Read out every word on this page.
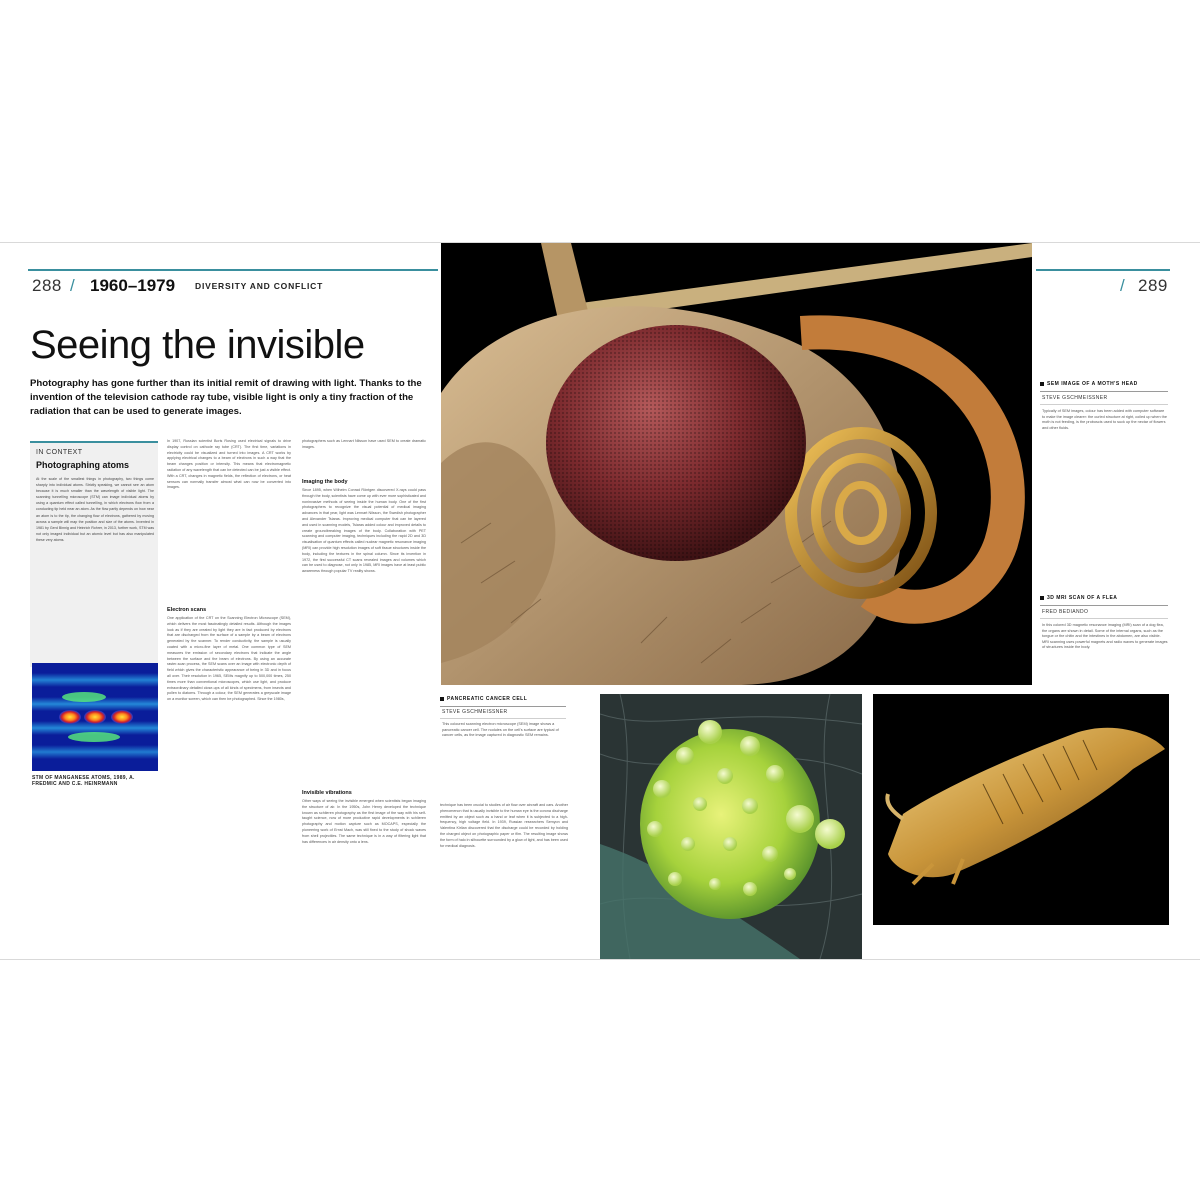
288 / 1960–1979 DIVERSITY AND CONFLICT
Seeing the invisible
Photography has gone further than its initial remit of drawing with light. Thanks to the invention of the television cathode ray tube, visible light is only a tiny fraction of the radiation that can be used to generate images.
IN CONTEXT
Photographing atoms
At the scale of the smallest things in photography, two things come sharply into individual atoms. Strictly speaking, we cannot see an atom because it is much smaller than the wavelength of visible light. The scanning tunnelling microscope (STM) can image individual atoms by using a quantum effect called tunnelling, in which electrons flow from a conducting tip held near an atom. As the flow partly depends on how near an atom is to the tip, the changing flow of electrons, gathered by moving across a sample will map the position and size of the atoms. Invented in 1981 by Gerd Binnig and Heinrich Rohrer, in 2013, further work, STM was not only imaged individual but an atomic level but has also manipulated these very atoms.
STM OF MANGANESE ATOMS, 1989, A. FREDMIC AND C.E. HEINRMANN
In 1907, Russian scientist Boris Rosing used electrical signals to drive display control on cathode ray tube (CRT). The first time, variations in electricity could be visualized and turned into images. A CRT works by applying electrical changes to a beam of electrons in such a way that the beam changes position or intensity. This means that electromagnetic radiation of any wavelength that can be detected can be just a visible effect. With a CRT, changes in magnetic fields, the reflection of electrons, or heat sensors can normally transfer almost what can now be converted into images.
Electron scans
One application of the CRT on the Scanning Electron Microscope (SEM), which delivers the most fascinatingly detailed results. Although the images look as if they are created by light they are in fact produced by electrons that are discharged from the surface of a sample by a beam of electrons generated by the scanner. To render conductivity, the sample is usually coated with a micro-fine layer of metal. One common type of SEM measures the emission of secondary electrons that indicate the angle between the surface and the beam of electrons. By using an accurate raster-scan process, the SEM scans over an image with electronic depth of field which gives the characteristic appearance of being in 3D and in focus all over. Their resolution in 1965, SEMs magnify up to 500,000 times, 250 times more than conventional microscopes, which use light, and produce extraordinary detailed close-ups of all kinds of specimens, from insects and pollen to diatoms. Through a colour, the SEM generates a greyscale image on a monitor screen, which can then be photographed. Since the 1980s,
photographers such as Lennart Nilsson have used SEM to create dramatic images.
Imaging the body
Since 1895, when Wilhelm Conrad Röntgen discovered X-rays could pass through the body, scientists have come up with ever more sophisticated and noninvasive methods of seeing inside the human body. One of the first photographers to recognize the visual potential of medical imaging advances in that year, light was Lennart Nilsson, the Swedish photographer and Alexander Tsiaras. Improving medical computer that can be layered and used in scanning models, Tsiaras added colour and improved details to create groundbreaking images of the body. Collaboration with PET scanning and computer imaging, techniques including the rapid 2D and 3D visualisation of quantum effects called nuclear magnetic resonance imaging (MRI) can provide high resolution images of soft tissue structures inside the body, including the textures in the spinal column. Since its invention in 1972, the first successful CT scans revealed images and volumes which can be used to diagnose, not only in 1985, MRI images have at least public awareness through popular TV reality shows.
Invisible vibrations
Other ways of seeing the invisible emerged when scientists began imaging the structure of air. In the 1950s, John Henry developed the technique known as schlieren photography as the first image of the way with his self-taught science, now of more productive rapid developments in schlieren photography and motion capture such as MOCAPS, especially the pioneering work of Ernst Mach, was still fixed to the study of shock waves from shell projectiles. The same technique is in a way of filtering light that has differences in air density onto a lens.
technique has been crucial to studies of air flow over aircraft and cars. Another phenomenon that is usually invisible to the human eye is the corona discharge emitted by an object such as a hand or leaf when it is subjected to a high-frequency, high voltage field. In 1939, Russian researchers Semyon and Valentina Kirlian discovered that the discharge could be recorded by holding the charged object on photographic paper or film. The resulting image shows the form of halo in silhouette surrounded by a glow of light, and has been used for medical diagnosis.
/ 289
SEM IMAGE OF A MOTH'S HEAD
STEVE GSCHMEISSNER
Typically of SEM images, colour has been added with computer software to make the image clearer: the curled structure at right, coiled up when the moth is not feeding, is the proboscis used to suck up the nectar of flowers and other fluids.
3D MRI SCAN OF A FLEA
FRED BEDIANDO
In this colored 3D magnetic resonance imaging (MRI) scan of a dog flea, the organs are shown in detail. Some of the internal organs, such as the tongue or the chitin and the intestines in the abdomen, are also visible. MRI scanning uses powerful magnets and radio waves to generate images of structures inside the body.
PANCREATIC CANCER CELL
STEVE GSCHMEISSNER
This coloured scanning electron microscope (SEM) image shows a pancreatic cancer cell. The nodules on the cell's surface are typical of cancer cells, as the image captured in diagnostic SEM remains.
